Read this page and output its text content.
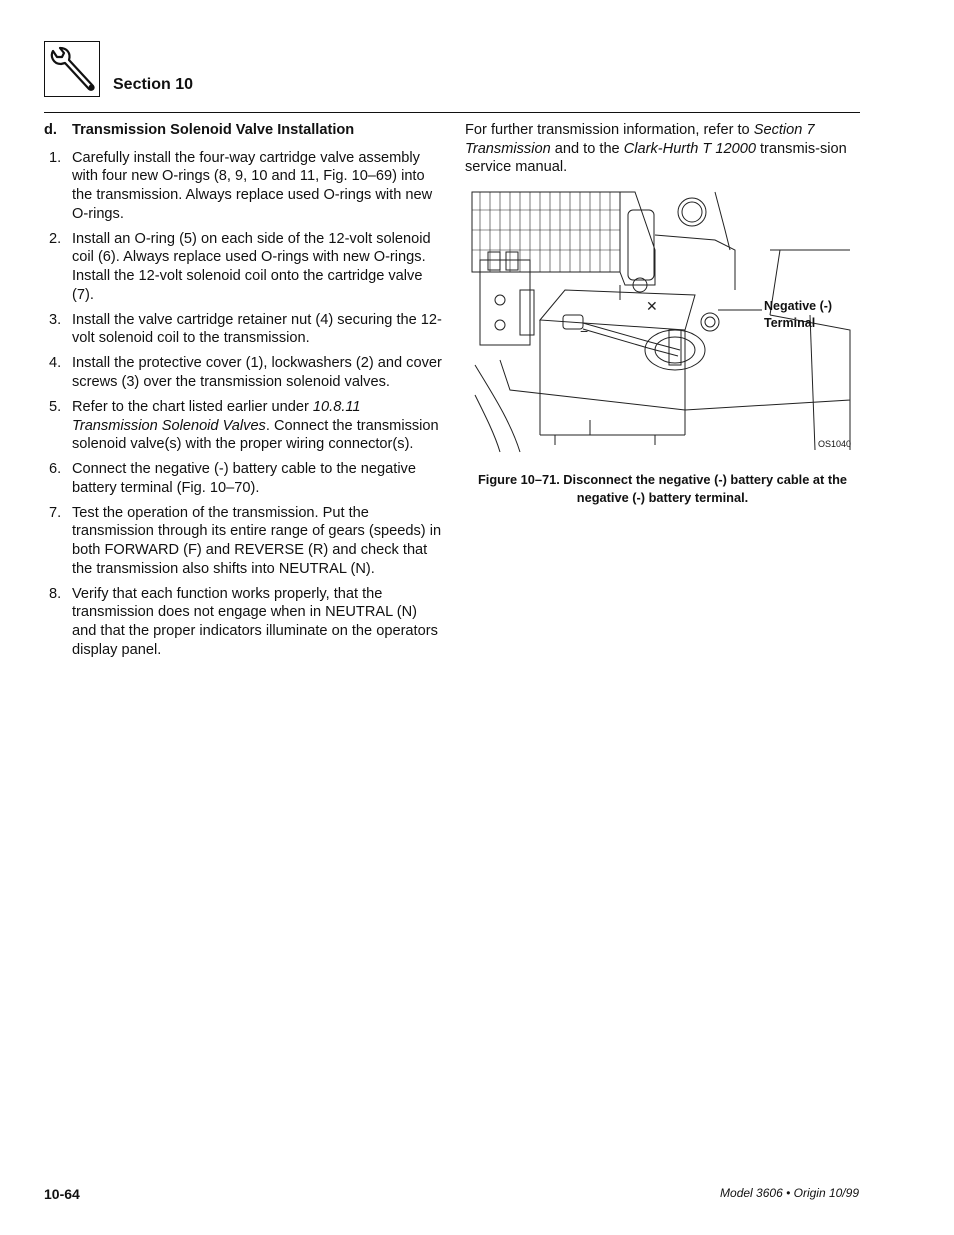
Section 10
d. Transmission Solenoid Valve Installation
1. Carefully install the four-way cartridge valve assembly with four new O-rings (8, 9, 10 and 11, Fig. 10–69) into the transmission. Always replace used O-rings with new O-rings.
2. Install an O-ring (5) on each side of the 12-volt solenoid coil (6). Always replace used O-rings with new O-rings. Install the 12-volt solenoid coil onto the cartridge valve (7).
3. Install the valve cartridge retainer nut (4) securing the 12-volt solenoid coil to the transmission.
4. Install the protective cover (1), lockwashers (2) and cover screws (3) over the transmission solenoid valves.
5. Refer to the chart listed earlier under 10.8.11 Transmission Solenoid Valves. Connect the transmission solenoid valve(s) with the proper wiring connector(s).
6. Connect the negative (-) battery cable to the negative battery terminal (Fig. 10–70).
7. Test the operation of the transmission. Put the transmission through its entire range of gears (speeds) in both FORWARD (F) and REVERSE (R) and check that the transmission also shifts into NEUTRAL (N).
8. Verify that each function works properly, that the transmission does not engage when in NEUTRAL (N) and that the proper indicators illuminate on the operators display panel.
For further transmission information, refer to Section 7 Transmission and to the Clark-Hurth T 12000 transmis-sion service manual.
−
✕	Negative (-) Terminal
OS1040
Figure 10–71. Disconnect the negative (-) battery cable at the negative (-) battery terminal.
10-64	Model 3606 • Origin 10/99
